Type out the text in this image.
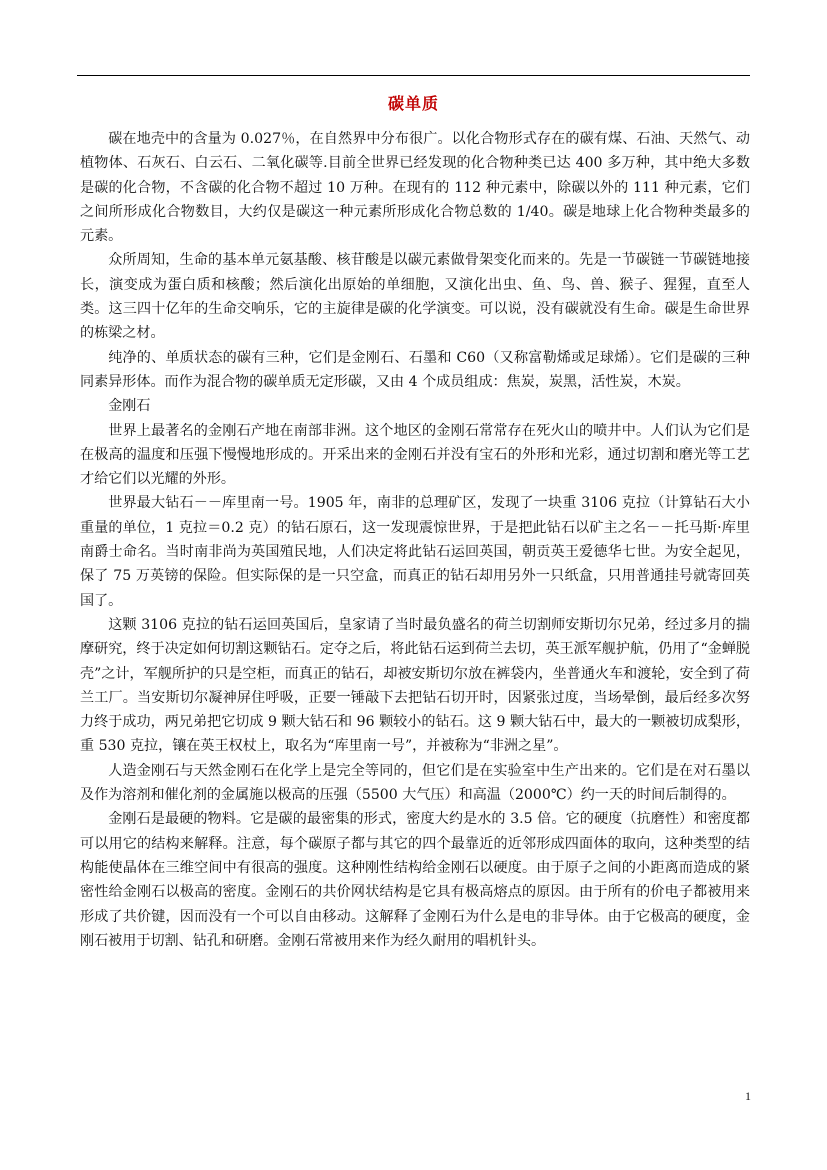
碳单质

碳在地壳中的含量为 0.027％，在自然界中分布很广。以化合物形式存在的碳有煤、石油、天然气、动植物体、石灰石、白云石、二氧化碳等.目前全世界已经发现的化合物种类已达 400 多万种，其中绝大多数是碳的化合物，不含碳的化合物不超过 10 万种。在现有的 112 种元素中，除碳以外的 111 种元素，它们之间所形成化合物数目，大约仅是碳这一种元素所形成化合物总数的 1/40。碳是地球上化合物种类最多的元素。

众所周知，生命的基本单元氨基酸、核苷酸是以碳元素做骨架变化而来的。先是一节碳链一节碳链地接长，演变成为蛋白质和核酸；然后演化出原始的单细胞，又演化出虫、鱼、鸟、兽、猴子、猩猩，直至人类。这三四十亿年的生命交响乐，它的主旋律是碳的化学演变。可以说，没有碳就没有生命。碳是生命世界的栋梁之材。

纯净的、单质状态的碳有三种，它们是金刚石、石墨和 C60（又称富勒烯或足球烯）。它们是碳的三种同素异形体。而作为混合物的碳单质无定形碳，又由 4 个成员组成：焦炭，炭黑，活性炭，木炭。

金刚石

世界上最著名的金刚石产地在南部非洲。这个地区的金刚石常常存在死火山的喷井中。人们认为它们是在极高的温度和压强下慢慢地形成的。开采出来的金刚石并没有宝石的外形和光彩，通过切割和磨光等工艺才给它们以光耀的外形。

世界最大钻石－－库里南一号。1905 年，南非的总理矿区，发现了一块重 3106 克拉（计算钻石大小重量的单位，1 克拉＝0.2 克）的钻石原石，这一发现震惊世界，于是把此钻石以矿主之名－－托马斯·库里南爵士命名。当时南非尚为英国殖民地，人们决定将此钻石运回英国，朝贡英王爱德华七世。为安全起见，保了 75 万英镑的保险。但实际保的是一只空盒，而真正的钻石却用另外一只纸盒，只用普通挂号就寄回英国了。

这颗 3106 克拉的钻石运回英国后，皇家请了当时最负盛名的荷兰切割师安斯切尔兄弟，经过多月的揣摩研究，终于决定如何切割这颗钻石。定夺之后，将此钻石运到荷兰去切，英王派军舰护航，仍用了“金蝉脱壳”之计，军舰所护的只是空柜，而真正的钻石，却被安斯切尔放在裤袋内，坐普通火车和渡轮，安全到了荷兰工厂。当安斯切尔凝神屏住呼吸，正要一锤敲下去把钻石切开时，因紧张过度，当场晕倒，最后经多次努力终于成功，两兄弟把它切成 9 颗大钻石和 96 颗较小的钻石。这 9 颗大钻石中，最大的一颗被切成梨形，重 530 克拉，镶在英王权杖上，取名为“库里南一号”，并被称为“非洲之星”。

人造金刚石与天然金刚石在化学上是完全等同的，但它们是在实验室中生产出来的。它们是在对石墨以及作为溶剂和催化剂的金属施以极高的压强（5500 大气压）和高温（2000℃）约一天的时间后制得的。

金刚石是最硬的物料。它是碳的最密集的形式，密度大约是水的 3.5 倍。它的硬度（抗磨性）和密度都可以用它的结构来解释。注意，每个碳原子都与其它的四个最靠近的近邻形成四面体的取向，这种类型的结构能使晶体在三维空间中有很高的强度。这种刚性结构给金刚石以硬度。由于原子之间的小距离而造成的紧密性给金刚石以极高的密度。金刚石的共价网状结构是它具有极高熔点的原因。由于所有的价电子都被用来形成了共价键，因而没有一个可以自由移动。这解释了金刚石为什么是电的非导体。由于它极高的硬度，金刚石被用于切割、钻孔和研磨。金刚石常被用来作为经久耐用的唱机针头。

1
